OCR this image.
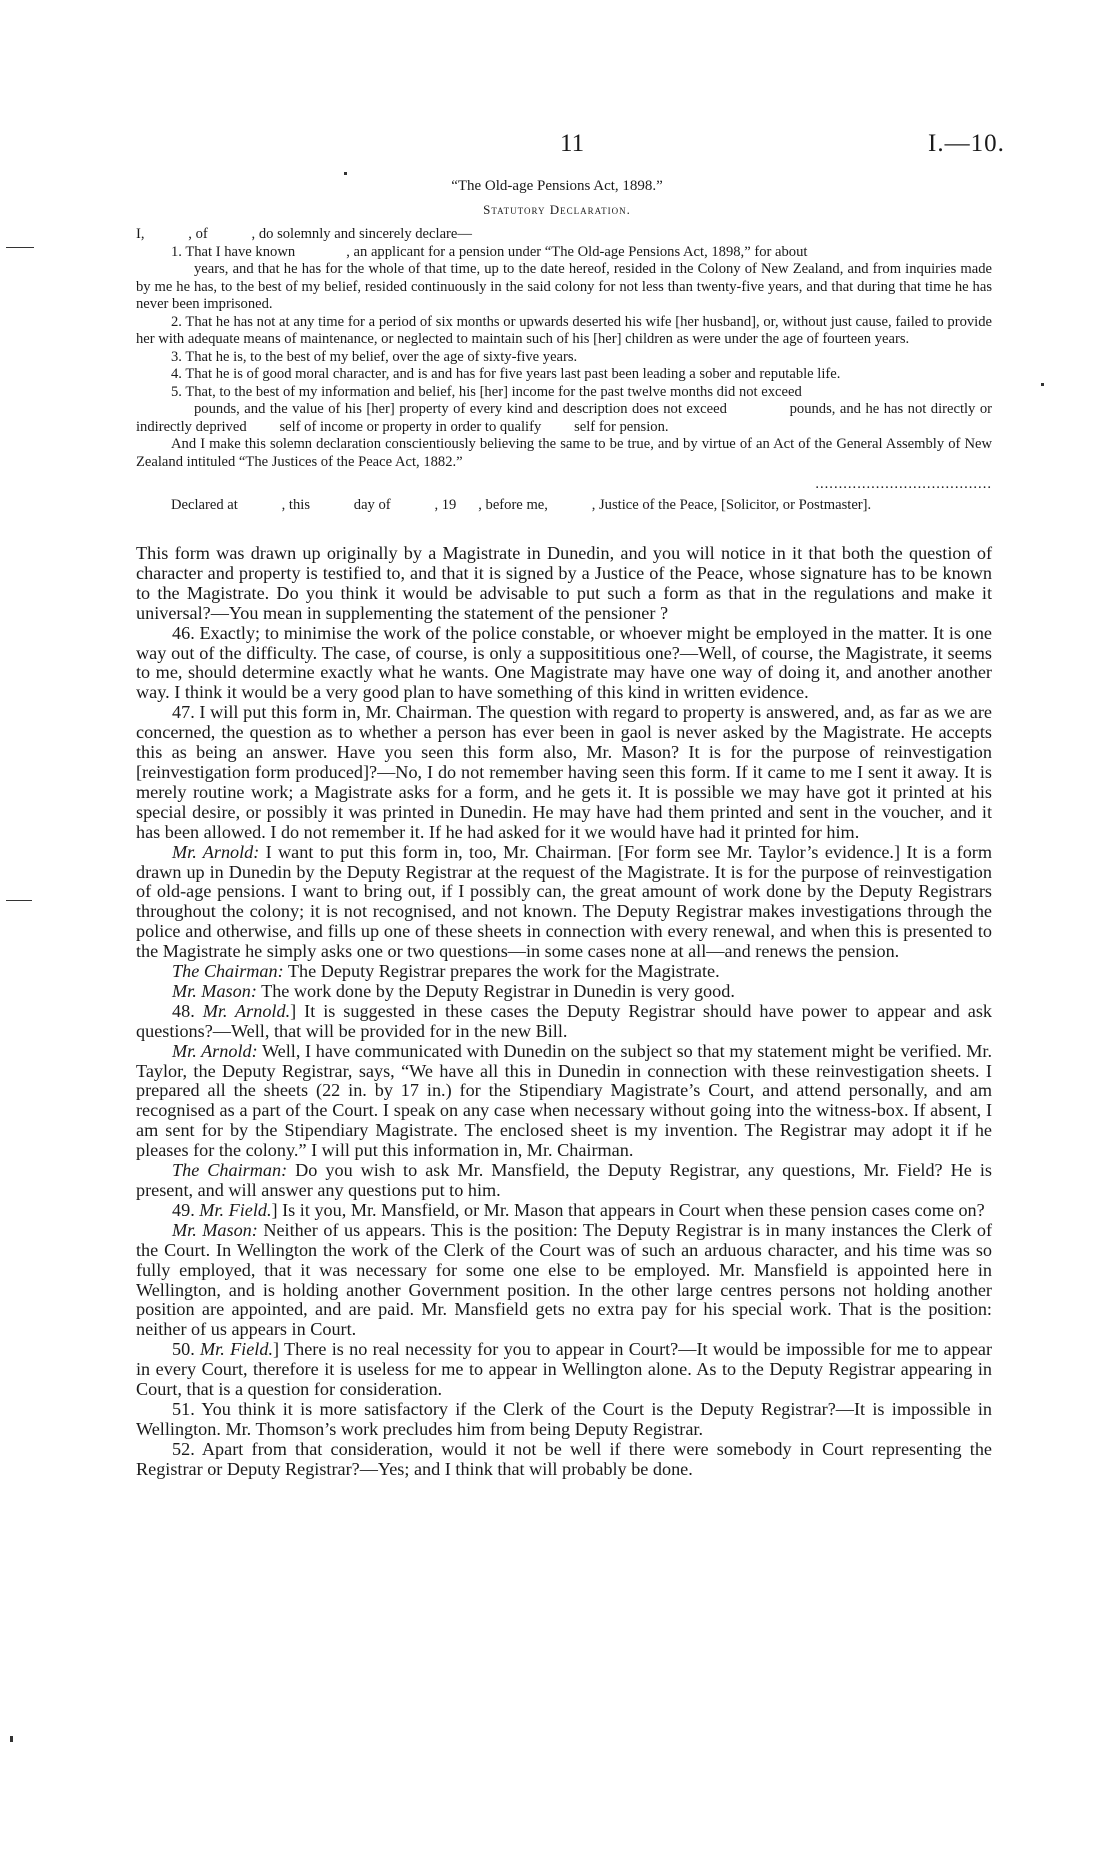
11	I.—10.
“The Old-age Pensions Act, 1898.”
Statutory Declaration.

I,            , of            , do solemnly and sincerely declare—

1. That I have known              , an applicant for a pension under “The Old-age Pensions Act, 1898,” for about

years, and that he has for the whole of that time, up to the date hereof, resided in the Colony of New Zealand, and from inquiries made by me he has, to the best of my belief, resided continuously in the said colony for not less than twenty-five years, and that during that time he has never been imprisoned.

2. That he has not at any time for a period of six months or upwards deserted his wife [her husband], or, without just cause, failed to provide her with adequate means of maintenance, or neglected to maintain such of his [her] children as were under the age of fourteen years.

3. That he is, to the best of my belief, over the age of sixty-five years.

4. That he is of good moral character, and is and has for five years last past been leading a sober and reputable life.

5. That, to the best of my information and belief, his [her] income for the past twelve months did not exceed

pounds, and the value of his [her] property of every kind and description does not exceed              pounds, and he has not directly or indirectly deprived         self of income or property in order to qualify         self for pension.

And I make this solemn declaration conscientiously believing the same to be true, and by virtue of an Act of the General Assembly of New Zealand intituled “The Justices of the Peace Act, 1882.”

......................................

Declared at            , this            day of            , 19      , before me,            , Justice of the Peace, [Solicitor, or Postmaster].

This form was drawn up originally by a Magistrate in Dunedin, and you will notice in it that both the question of character and property is testified to, and that it is signed by a Justice of the Peace, whose signature has to be known to the Magistrate. Do you think it would be advisable to put such a form as that in the regulations and make it universal?—You mean in supplementing the statement of the pensioner ?

46. Exactly; to minimise the work of the police constable, or whoever might be employed in the matter. It is one way out of the difficulty. The case, of course, is only a supposititious one?—Well, of course, the Magistrate, it seems to me, should determine exactly what he wants. One Magistrate may have one way of doing it, and another another way. I think it would be a very good plan to have something of this kind in written evidence.

47. I will put this form in, Mr. Chairman. The question with regard to property is answered, and, as far as we are concerned, the question as to whether a person has ever been in gaol is never asked by the Magistrate. He accepts this as being an answer. Have you seen this form also, Mr. Mason? It is for the purpose of reinvestigation [reinvestigation form produced]?—No, I do not remember having seen this form. If it came to me I sent it away. It is merely routine work; a Magistrate asks for a form, and he gets it. It is possible we may have got it printed at his special desire, or possibly it was printed in Dunedin. He may have had them printed and sent in the voucher, and it has been allowed. I do not remember it. If he had asked for it we would have had it printed for him.

Mr. Arnold: I want to put this form in, too, Mr. Chairman. [For form see Mr. Taylor’s evidence.] It is a form drawn up in Dunedin by the Deputy Registrar at the request of the Magistrate. It is for the purpose of reinvestigation of old-age pensions. I want to bring out, if I possibly can, the great amount of work done by the Deputy Registrars throughout the colony; it is not recognised, and not known. The Deputy Registrar makes investigations through the police and otherwise, and fills up one of these sheets in connection with every renewal, and when this is presented to the Magistrate he simply asks one or two questions—in some cases none at all—and renews the pension.

The Chairman: The Deputy Registrar prepares the work for the Magistrate.

Mr. Mason: The work done by the Deputy Registrar in Dunedin is very good.

48. Mr. Arnold.] It is suggested in these cases the Deputy Registrar should have power to appear and ask questions?—Well, that will be provided for in the new Bill.

Mr. Arnold: Well, I have communicated with Dunedin on the subject so that my statement might be verified. Mr. Taylor, the Deputy Registrar, says, “We have all this in Dunedin in connection with these reinvestigation sheets. I prepared all the sheets (22 in. by 17 in.) for the Stipendiary Magistrate’s Court, and attend personally, and am recognised as a part of the Court. I speak on any case when necessary without going into the witness-box. If absent, I am sent for by the Stipendiary Magistrate. The enclosed sheet is my invention. The Registrar may adopt it if he pleases for the colony.” I will put this information in, Mr. Chairman.

The Chairman: Do you wish to ask Mr. Mansfield, the Deputy Registrar, any questions, Mr. Field? He is present, and will answer any questions put to him.

49. Mr. Field.] Is it you, Mr. Mansfield, or Mr. Mason that appears in Court when these pension cases come on?

Mr. Mason: Neither of us appears. This is the position: The Deputy Registrar is in many instances the Clerk of the Court. In Wellington the work of the Clerk of the Court was of such an arduous character, and his time was so fully employed, that it was necessary for some one else to be employed. Mr. Mansfield is appointed here in Wellington, and is holding another Government position. In the other large centres persons not holding another position are appointed, and are paid. Mr. Mansfield gets no extra pay for his special work. That is the position: neither of us appears in Court.

50. Mr. Field.] There is no real necessity for you to appear in Court?—It would be impossible for me to appear in every Court, therefore it is useless for me to appear in Wellington alone. As to the Deputy Registrar appearing in Court, that is a question for consideration.

51. You think it is more satisfactory if the Clerk of the Court is the Deputy Registrar?—It is impossible in Wellington. Mr. Thomson’s work precludes him from being Deputy Registrar.

52. Apart from that consideration, would it not be well if there were somebody in Court representing the Registrar or Deputy Registrar?—Yes; and I think that will probably be done.
